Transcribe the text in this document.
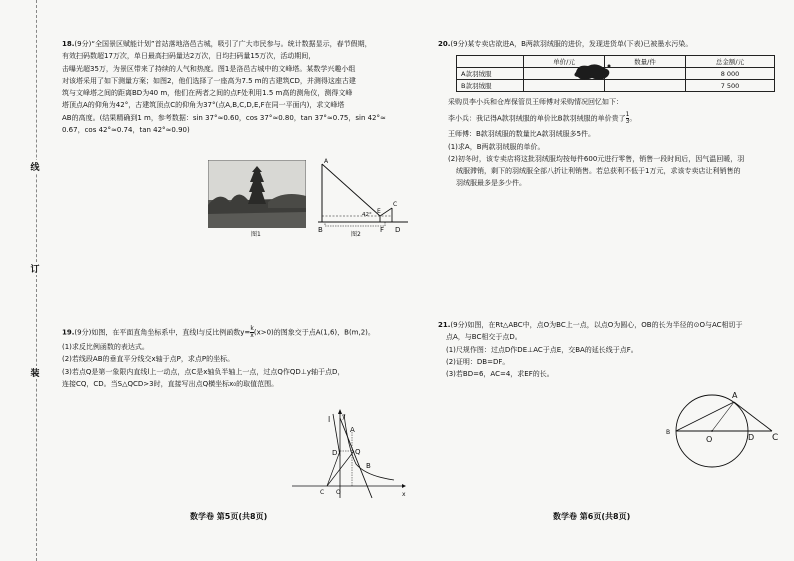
线
订
装
18.(9分)“全国景区赋能计划”首站落地洛邑古城，吸引了广大市民参与。统计数据显示，春节假期，
有效扫码数超17万次，单日最高扫码量达2万次，日均扫码量15万次，活动期间，
击曝光超35万，为景区带来了持续的人气和热度。图1是洛邑古城中的文峰塔。某数学兴趣小组
对该塔采用了如下测量方案；如图2，他们选择了一座高为7.5 m的古建筑CD，并测得这座古建
筑与文峰塔之间的距离BD为40 m，他们在两者之间的点F处利用1.5 m高的测角仪，测得文峰
塔顶点A的仰角为42°，古建筑顶点C的仰角为37°(点A,B,C,D,E,F在同一平面内)，求文峰塔
AB的高度。(结果精确到1 m，参考数据：sin 37°≈0.60，cos 37°≈0.80，tan 37°≈0.75，sin 42°≈
0.67，cos 42°≈0.74，tan 42°≈0.90)
图1
A
B
C
D
E
F
42°
图2
19.(9分)如图，在平面直角坐标系中，直线l与反比例函数$y= \frac{k}{x} (x>0)$的图象交于点A(1,6)，B(m,2)。
(1)求反比例函数的表达式。
(2)若线段AB的垂直平分线交x轴于点P，求点P的坐标。
(3)若点Q是第一象限内直线l上一动点，点C是x轴负半轴上一点，过点Q作QD⊥y轴于点D，
连接CQ，CD。当S△QCD>3时，直接写出点Q横坐标x₀的取值范围。
y
x
l
A
B
C
D	Q
O
数学卷 第5页(共8页)
20.(9分)某专卖店欲进A，B两款羽绒服的进价，发现进货单(下表)已被墨水污染。
	单价/元	数量/件	总金额/元
A款羽绒服			8 000
B款羽绒服			7 500
采购员李小兵和仓库保管员王师傅对采购情况回忆如下：
李小兵：我记得A款羽绒服的单价比B款羽绒服的单价贵了 $\frac{1}{3}$ 。
王师傅：B款羽绒服的数量比A款羽绒服多5件。
(1)求A，B两款羽绒服的单价。
(2)初冬时，该专卖店将这批羽绒服均按每件600元进行零售，销售一段时间后，因气温回暖，羽
绒服滞销，剩下的羽绒服全部八折让利销售。若总获利不低于1万元，求该专卖店让利销售的
羽绒服最多是多少件。
21.(9分)如图，在Rt△ABC中，点O为BC上一点，以点O为圆心，OB的长为半径的⊙O与AC相切于
点A，与BC相交于点D。
(1)尺规作图：过点D作DE⊥AC于点E，交BA的延长线于点F。
(2)证明：DB=DF。
(3)若BD=6，AC=4，求EF的长。
B
A
O	D C
数学卷 第6页(共8页)
